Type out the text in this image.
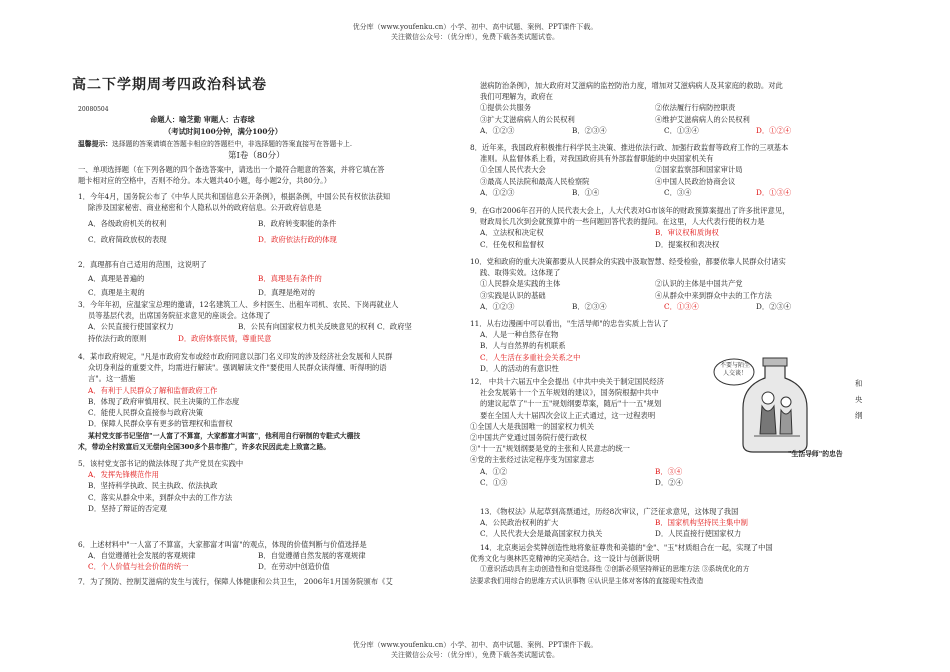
优分库（www.youfenku.cn）小学、初中、高中试题、案例、PPT课件下载。
关注微信公众号：（优分库），免费下载各类试题试卷。
高二下学期周考四政治科试卷
20080504
命题人：喻芝勤 审题人：古春球
（考试时间100分钟，满分100分）
温馨提示：选择题的答案请填在答题卡相应的答题栏中，非选择题的答案直接写在答题卡上.
第Ⅰ卷（80分）
一、单项选择题（在下列各题的四个备选答案中，请选出一个最符合题意的答案，并将它填在答
题卡相对应的空格中，否则不给分。本大题共40小题，每小题2分，共80分。）
1．今年4月，国务院公布了《中华人民共和国信息公开条例》，根据条例，中国公民有权依法获知
除涉及国家秘密、商业秘密和个人隐私以外的政府信息。公开政府信息是
A．各级政府机关的权利	B．政府转变职能的条件
C．政府简政放权的表现	D．政府依法行政的体现
2．真理都有自己适用的范围，这说明了
A．真理是普遍的	B．真理是有条件的
C．真理是主观的	D．真理是绝对的
3．今年年初，应温家宝总理的邀请，12名建筑工人、乡村医生、出租车司机、农民、下岗再就业人
员等基层代表，出席国务院征求意见的座谈会。这体现了
A．公民直接行使国家权力	B．公民有向国家权力机关反映意见的权利 C．政府坚
持依法行政的原则	D．政府体察民情，尊重民意
4．某市政府规定，"凡是市政府发布或经市政府同意以部门名义印发的涉及经济社会发展和人民群
众切身利益的重要文件，均需进行解读"。强调解读文件"要使用人民群众读得懂、听得明的语
言"。这一措施
A．有利于人民群众了解和监督政府工作
B．体现了政府审慎用权、民主决策的工作态度
C．能使人民群众直接参与政府决策
D．保障人民群众享有更多的管理权和监督权
某村党支部书记坚信"一人富了不算富，大家都富才叫富"，他利用自行研制的专駐式大棚技
术，带动全村致富后又无偿向全国300多个县市推广，许多农民因此走上致富之路。
5．该村党支部书记的做法体现了共产党员在实践中
A．发挥先锋模范作用
B．坚持科学执政、民主执政、依法执政
C．落实从群众中来，到群众中去的工作方法
D．坚持了辩证的否定观
6．上述材料中"一人富了不算富，大家都富才叫富"的观点，体现的价值判断与价值选择是
A．自觉遵循社会发展的客观规律	B．自觉遵循自然发展的客观规律
C．个人价值与社会价值的统一	D．在劳动中创造价值
7．为了预防、控制艾滋病的发生与流行，保障人体健康和公共卫生， 2006年1月国务院颁布《艾
滋病防治条例》，加大政府对艾滋病的监控防治力度，增加对艾滋病病人及其家庭的救助。对此
我们可理解为，政府在
①提供公共服务	②依法履行行病防控职责
③扩大艾滋病病人的公民权利	④维护艾滋病病人的公民权利
A．①②③	B．②③④	C．①③④	D．①②④
8．近年来，我国政府积极推行科学民主决策、推进依法行政、加强行政监督等政府工作的三项基本
准则。从监督体系上看，对我国政府具有外部监督职能的中央国家机关有
①全国人民代表大会	②国家监察部和国家审计局
③最高人民法院和最高人民检察院	④中国人民政治协商会议
A．①②③	B．①④	C．③④	D．①③④
9．在G市2006年召开的人民代表大会上，人大代表对G市该年的财政预算案提出了许多批评意见，
财政局长几次到会就预算中的一些问题回答代表的提问。在这里，人大代表行使的权力是
A．立法权和决定权	B．审议权和质询权
C．任免权和监督权	D．提案权和表决权
10．党和政府的重大决策都要从人民群众的实践中汲取智慧、经受检验，都要依靠人民群众付诸实
践、取得实效。这体现了
①人民群众是实践的主体	②认识的主体是中国共产党
③实践是认识的基础	④从群众中来到群众中去的工作方法
A．①②③	B．②③④	C．①③④	D．②③④
11．从右边漫画中可以看出，"生活导师"的忠告实质上告认了
A．人是一种自然存在物
B．人与自然界的有机联系
C．人生活在多重社会关系之中
D．人的活动的有意识性
12． 中共十六届五中全会提出《中共中央关于制定国民经济
社会发展第十一个五年规划的建议》，国务院根据中共中
的建议起草了"十一五"规划纲要草案，随后"十一五"规划
要在全国人大十届四次会议上正式通过，这一过程表明
①全国人大是我国唯一的国家权力机关
②中国共产党通过国务院行使行政权
③"十一五"规划纲要是党的主张和人民意志的统一
④党的主张经过法定程序变为国家意志
A．①②	B．③④
C．①③	D．②④
和
央
纲
13．《物权法》从起草到高票通过，历经8次审议，广泛征求意见，这体现了我国
A．公民政治权利的扩大	B．国家机构坚持民主集中制
C．人民代表大会是最高国家权力执关	D．人民直接行使国家权力
14．北京奥运会奖牌创造性地将象征尊贵和美德的"金"、"玉"材质组合在一起，实现了中国
优秀文化与奥林匹克精神的完美结合。这一设计与创新说明
①意识活动具有主动创造性和自觉选择性 ②创新必须坚持辩证的思维方法 ③系统优化的方
法要求我们用综合的思维方式认识事物 ④认识是主体对客体的直接现实性改造
不要与陌生人交谈！
"生活导师"的忠告
优分库（www.youfenku.cn）小学、初中、高中试题、案例、PPT课件下载。
关注微信公众号：（优分库），免费下载各类试题试卷。
